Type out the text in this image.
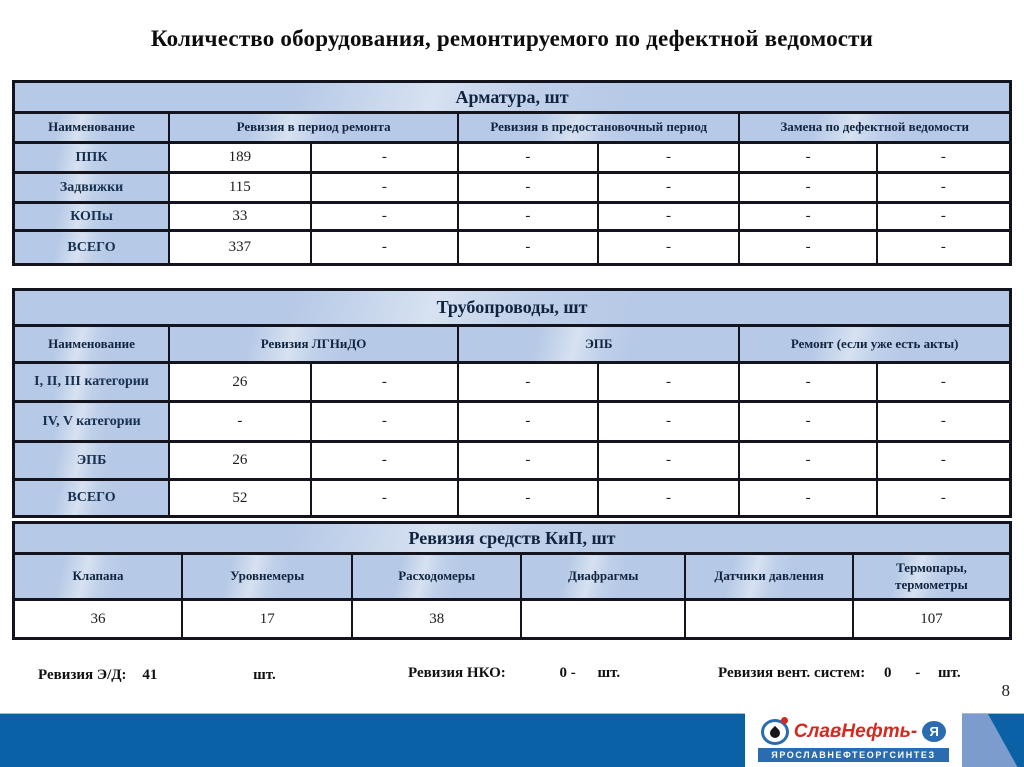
Количество оборудования, ремонтируемого по дефектной ведомости
Арматура, шт						
Наименование	Ревизия в период ремонта		Ревизия в предостановочный период		Замена по дефектной ведомости	
ППК	189	-	-	-	-	-
Задвижки	115	-	-	-	-	-
КОПы	33	-	-	-	-	-
ВСЕГО	337	-	-	-	-	-
Трубопроводы, шт						
Наименование	Ревизия ЛГНиДО		ЭПБ		Ремонт (если уже есть акты)	
I, II, III категории	26	-	-	-	-	-
IV, V категории	-	-	-	-	-	-
ЭПБ	26	-	-	-	-	-
ВСЕГО	52	-	-	-	-	-
Ревизия средств КиП, шт					
Клапана	Уровнемеры	Расходомеры	Диафрагмы	Датчики давления	Термопары, термометры
36	17	38			107
Ревизия Э/Д: 41	шт.	Ревизия НКО:	0 - шт.	Ревизия вент. систем: 0 - шт.
8
СлавНефть- Я
ЯРОСЛАВНЕФТЕОРГСИНТЕЗ
